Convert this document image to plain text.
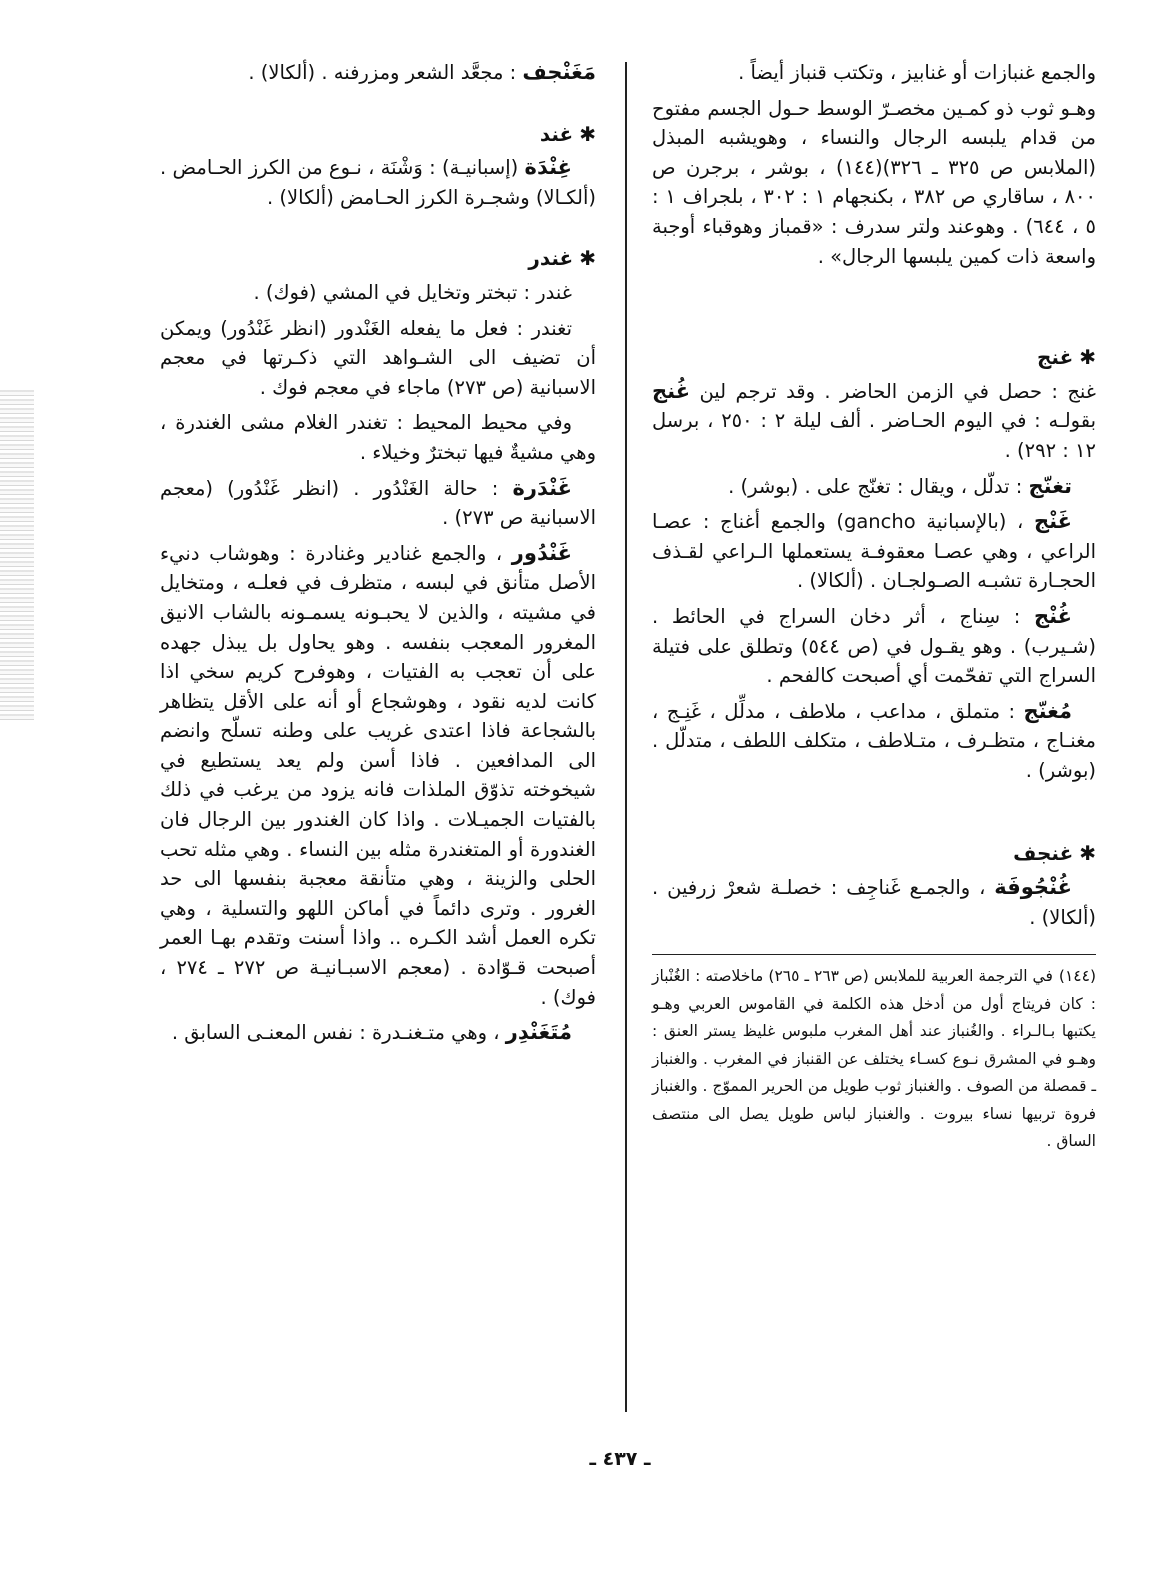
والجمع غنبازات أو غنابيز ، وتكتب قنباز أيضاً .

وهـو ثوب ذو كمـين مخصـرّ الوسط حـول الجسم مفتوح من قدام يلبسه الرجال والنساء ، وهويشبه المبذل (الملابس ص ٣٢٥ ـ ٣٢٦)(١٤٤) ، بوشر ، برجرن ص ٨٠٠ ، ساقاري ص ٣٨٢ ، بكنجهام ١ : ٣٠٢ ، بلجراف ١ : ٥ ، ٦٤٤) . وهوعند ولتر سدرف : «قمباز وهوقباء أوجبة واسعة ذات كمين يلبسها الرجال» .

✱غنج

غنج : حصل في الزمن الحاضر . وقد ترجم لين غُنج بقولـه : في اليوم الحـاضر . ألف ليلة ٢ : ٢٥٠ ، برسل ١٢ : ٢٩٢) .

تغنّج : تدلّل ، ويقال : تغنّج على . (بوشر) .

غَنْج ، (بالإسبانية gancho) والجمع أغناج : عصـا الراعي ، وهي عصـا معقوفـة يستعملها الـراعي لقـذف الحجـارة تشبـه الصـولجـان . (ألكالا) .

غُنْج : سِناج ، أثر دخان السراج في الحائط . (شـيرب) . وهو يقـول في (ص ٥٤٤) وتطلق على فتيلة السراج التي تفحّمت أي أصبحت كالفحم .

مُغنّج : متملق ، مداعب ، ملاطف ، مدلِّل ، غَنِـج ، مغنـاج ، متظـرف ، متـلاطف ، متكلف اللطف ، متدلّل . (بوشر) .

✱غنجف

غُنْجُوفَة ، والجمـع غَناجِف : خصلـة شعرْ زرفين . (ألكالا) .

(١٤٤)في الترجمة العربية للملابس (ص ٢٦٣ ـ ٢٦٥) ماخلاصته : الغُنْباز : كان فريتاج أول من أدخل هذه الكلمة في القاموس العربي وهـو يكتبها بـالـراء . والغُنباز عند أهل المغرب ملبوس غليظ يستر العنق : وهـو في المشرق نـوع كسـاء يختلف عن القنباز في المغرب . والغنباز ـ قمصلة من الصوف . والغنباز ثوب طويل من الحرير المموّج . والغنباز فروة تربيها نساء بيروت . والغنباز لباس طويل يصل الى منتصف الساق .

مَغَنْجف : مجعَّد الشعر ومزرفنه . (ألكالا) .

✱غند

غِنْدَة (إسبانيـة) : وَشْنَة ، نـوع من الكرز الحـامض . (ألكـالا) وشجـرة الكرز الحـامض (ألكالا) .

✱غندر

غندر : تبختر وتخايل في المشي (فوك) .

تغندر : فعل ما يفعله الغَنْدور (انظر غَنْدُور) ويمكن أن تضيف الى الشـواهد التي ذكـرتها في معجم الاسبانية (ص ٢٧٣) ماجاء في معجم فوك .

وفي محيط المحيط : تغندر الغلام مشى الغندرة ، وهي مشيةٌ فيها تبخترٌ وخيلاء .

غَنْدَرة : حالة الغَنْدُور . (انظر غَنْدُور) (معجم الاسبانية ص ٢٧٣) .

غَنْدُور ، والجمع غنادير وغنادرة : وهوشاب دنيء الأصل متأنق في لبسه ، متظرف في فعلـه ، ومتخايل في مشيته ، والذين لا يحبـونه يسمـونه بالشاب الانيق المغرور المعجب بنفسه . وهو يحاول بل يبذل جهده على أن تعجب به الفتيات ، وهوفرح كريم سخي اذا كانت لديه نقود ، وهوشجاع أو أنه على الأقل يتظاهر بالشجاعة فاذا اعتدى غريب على وطنه تسلّح وانضم الى المدافعين . فاذا أسن ولم يعد يستطيع في شيخوخته تذوّق الملذات فانه يزود من يرغب في ذلك بالفتيات الجميـلات . واذا كان الغندور بين الرجال فان الغندورة أو المتغندرة مثله بين النساء . وهي مثله تحب الحلى والزينة ، وهي متأنقة معجبة بنفسها الى حد الغرور . وترى دائماً في أماكن اللهو والتسلية ، وهي تكره العمل أشد الكـره .. واذا أسنت وتقدم بهـا العمر أصبحت قـوّادة . (معجم الاسبـانيـة ص ٢٧٢ ـ ٢٧٤ ، فوك) .

مُتَغَنْدِر ، وهي متـغنـدرة : نفس المعنـى السابق .

ـ ٤٣٧ ـ
